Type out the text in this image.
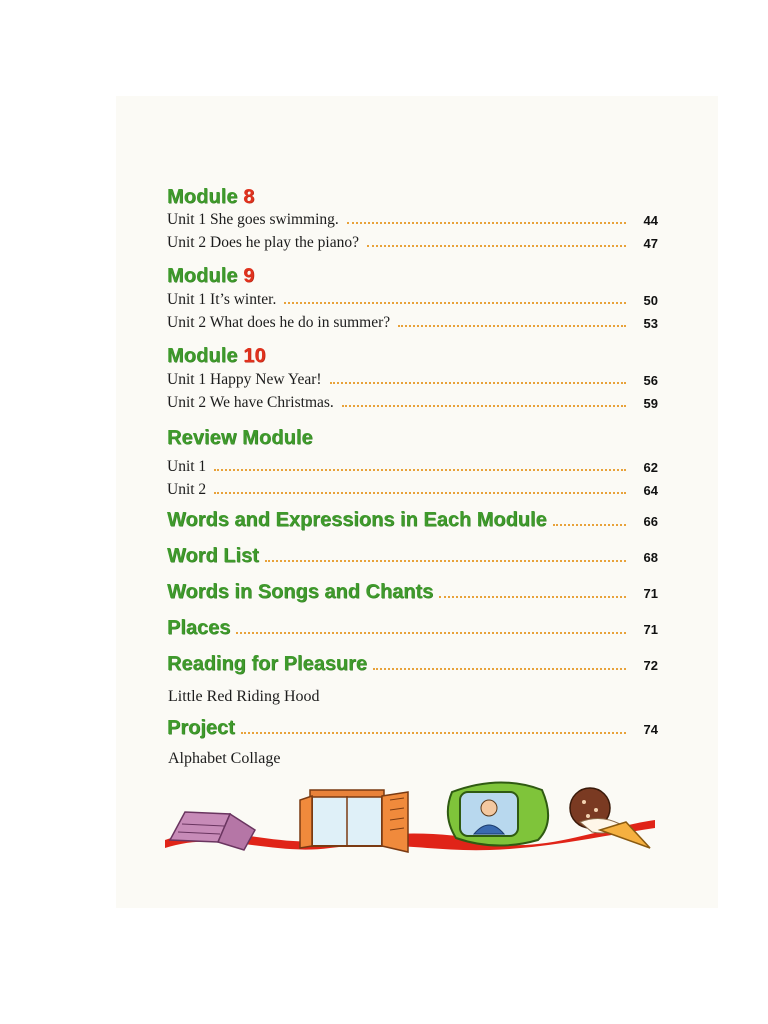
Module 8
Unit 1 She goes swimming.	44
Unit 2 Does he play the piano?	47
Module 9
Unit 1 It’s winter.	50
Unit 2 What does he do in summer?	53
Module 10
Unit 1 Happy New Year!	56
Unit 2 We have Christmas.	59
Review Module
Unit 1	62
Unit 2	64
Words and Expressions in Each Module	66
Word List	68
Words in Songs and Chants	71
Places	71
Reading for Pleasure	72
Little Red Riding Hood
Project	74
Alphabet Collage
